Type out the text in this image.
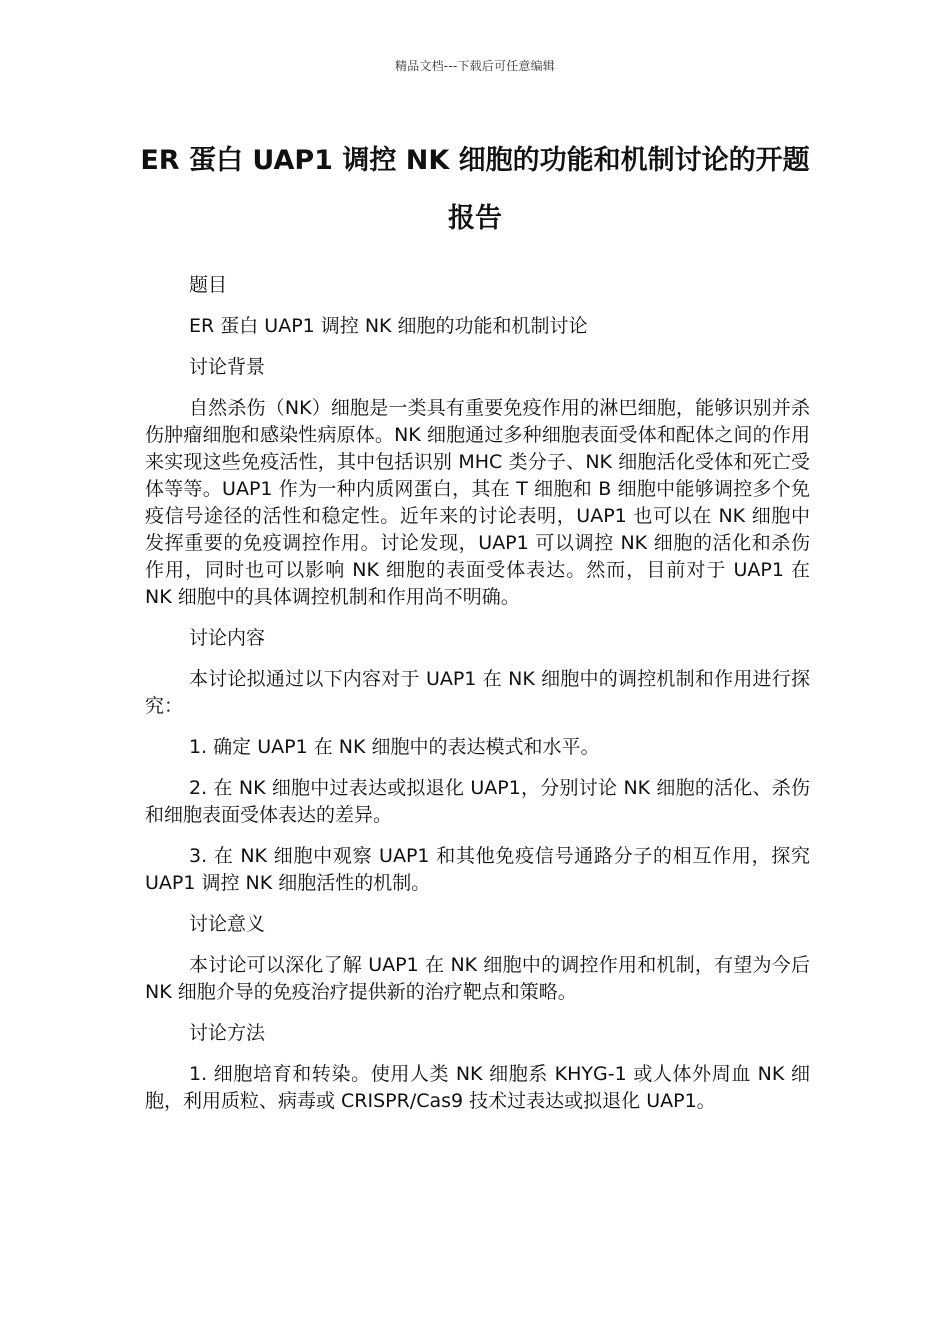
精品文档---下载后可任意编辑
ER 蛋白 UAP1 调控 NK 细胞的功能和机制讨论的开题报告

题目

ER 蛋白 UAP1 调控 NK 细胞的功能和机制讨论

讨论背景

自然杀伤（NK）细胞是一类具有重要免疫作用的淋巴细胞，能够识别并杀伤肿瘤细胞和感染性病原体。NK 细胞通过多种细胞表面受体和配体之间的作用来实现这些免疫活性，其中包括识别 MHC 类分子、NK 细胞活化受体和死亡受体等等。UAP1 作为一种内质网蛋白，其在 T 细胞和 B 细胞中能够调控多个免疫信号途径的活性和稳定性。近年来的讨论表明，UAP1 也可以在 NK 细胞中发挥重要的免疫调控作用。讨论发现，UAP1 可以调控 NK 细胞的活化和杀伤作用，同时也可以影响 NK 细胞的表面受体表达。然而，目前对于 UAP1 在 NK 细胞中的具体调控机制和作用尚不明确。

讨论内容

本讨论拟通过以下内容对于 UAP1 在 NK 细胞中的调控机制和作用进行探究：

1. 确定 UAP1 在 NK 细胞中的表达模式和水平。

2. 在 NK 细胞中过表达或拟退化 UAP1，分别讨论 NK 细胞的活化、杀伤和细胞表面受体表达的差异。

3. 在 NK 细胞中观察 UAP1 和其他免疫信号通路分子的相互作用，探究 UAP1 调控 NK 细胞活性的机制。

讨论意义

本讨论可以深化了解 UAP1 在 NK 细胞中的调控作用和机制，有望为今后 NK 细胞介导的免疫治疗提供新的治疗靶点和策略。

讨论方法

1. 细胞培育和转染。使用人类 NK 细胞系 KHYG-1 或人体外周血 NK 细胞，利用质粒、病毒或 CRISPR/Cas9 技术过表达或拟退化 UAP1。
